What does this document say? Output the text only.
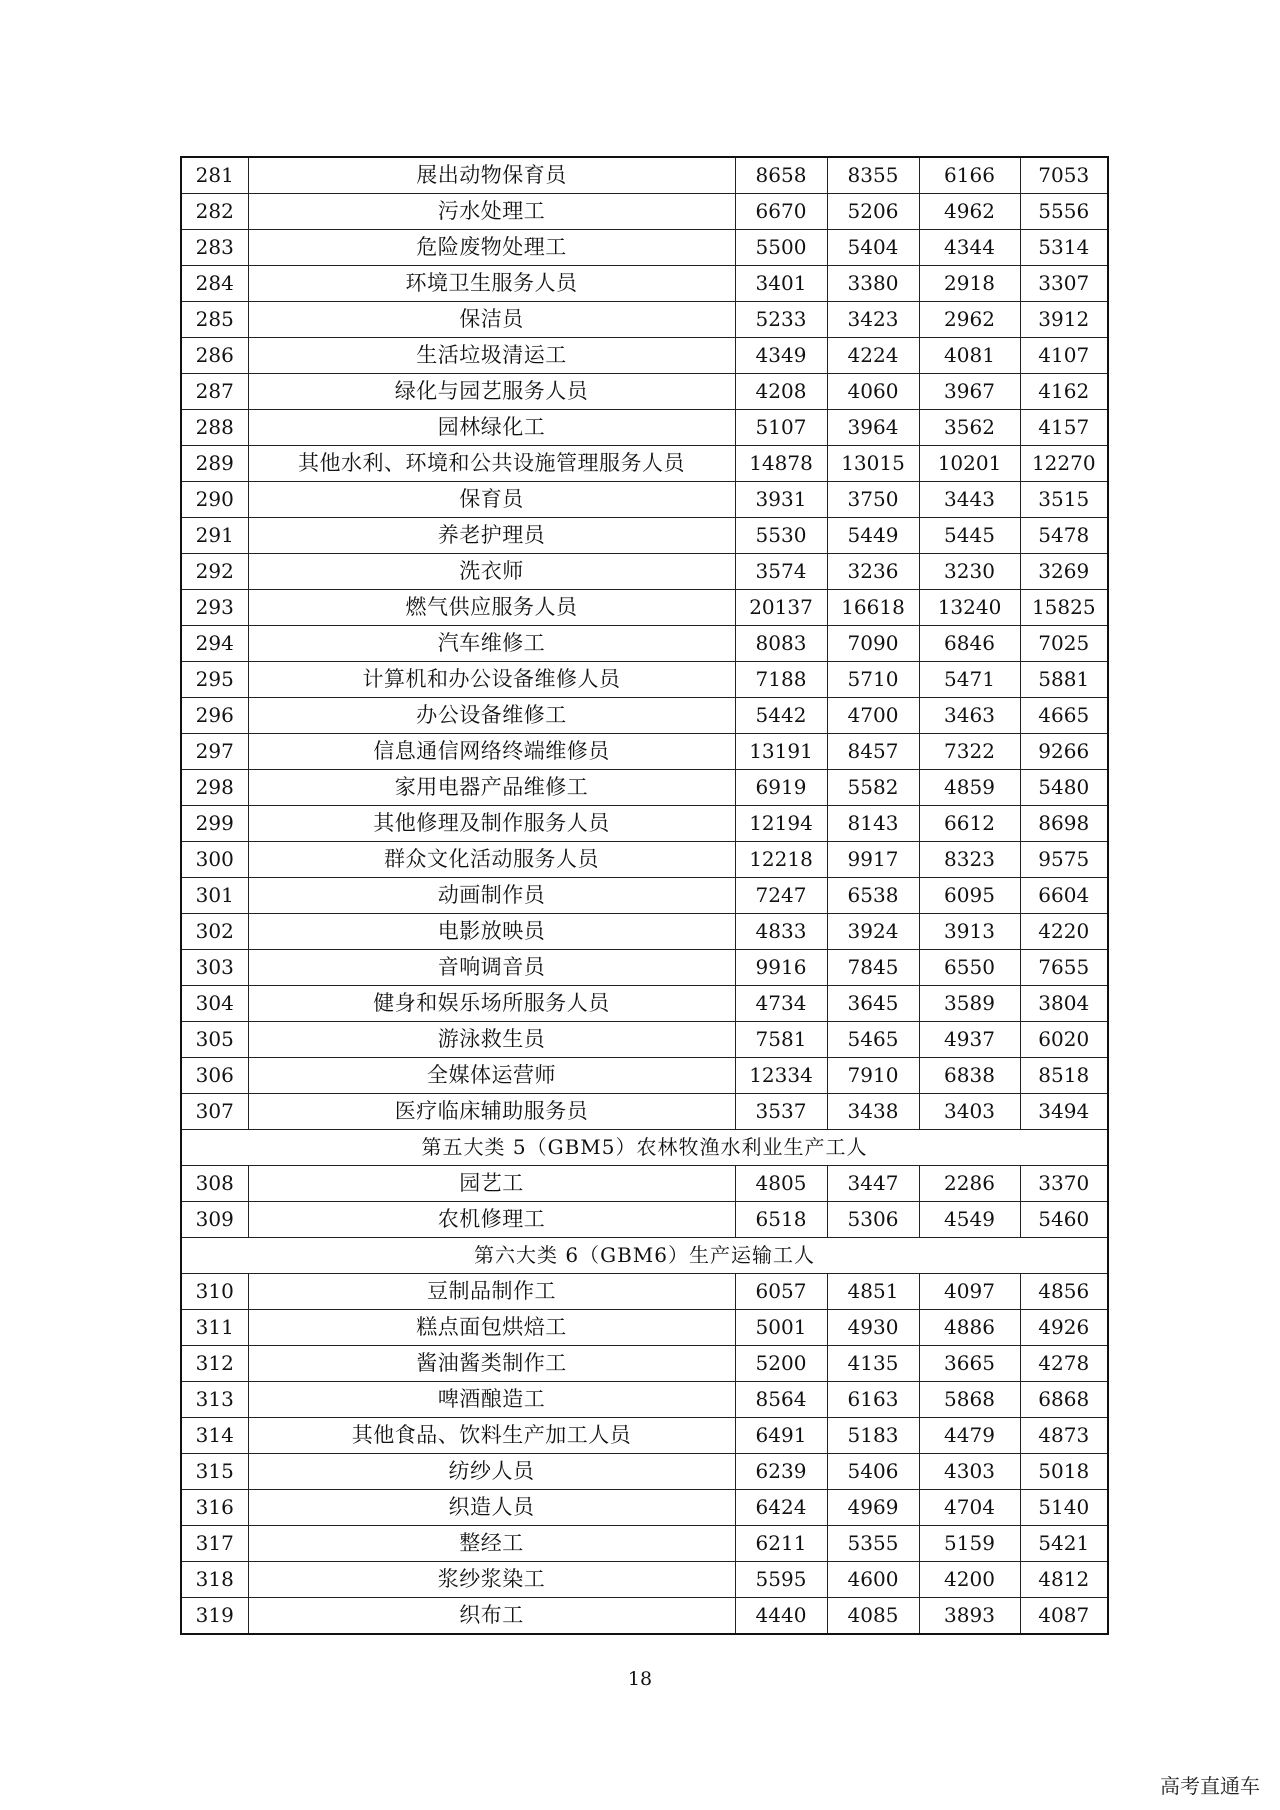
281	展出动物保育员	8658	8355	6166	7053
282	污水处理工	6670	5206	4962	5556
283	危险废物处理工	5500	5404	4344	5314
284	环境卫生服务人员	3401	3380	2918	3307
285	保洁员	5233	3423	2962	3912
286	生活垃圾清运工	4349	4224	4081	4107
287	绿化与园艺服务人员	4208	4060	3967	4162
288	园林绿化工	5107	3964	3562	4157
289	其他水利、环境和公共设施管理服务人员	14878	13015	10201	12270
290	保育员	3931	3750	3443	3515
291	养老护理员	5530	5449	5445	5478
292	洗衣师	3574	3236	3230	3269
293	燃气供应服务人员	20137	16618	13240	15825
294	汽车维修工	8083	7090	6846	7025
295	计算机和办公设备维修人员	7188	5710	5471	5881
296	办公设备维修工	5442	4700	3463	4665
297	信息通信网络终端维修员	13191	8457	7322	9266
298	家用电器产品维修工	6919	5582	4859	5480
299	其他修理及制作服务人员	12194	8143	6612	8698
300	群众文化活动服务人员	12218	9917	8323	9575
301	动画制作员	7247	6538	6095	6604
302	电影放映员	4833	3924	3913	4220
303	音响调音员	9916	7845	6550	7655
304	健身和娱乐场所服务人员	4734	3645	3589	3804
305	游泳救生员	7581	5465	4937	6020
306	全媒体运营师	12334	7910	6838	8518
307	医疗临床辅助服务员	3537	3438	3403	3494
第五大类 5（GBM5）农林牧渔水利业生产工人					
308	园艺工	4805	3447	2286	3370
309	农机修理工	6518	5306	4549	5460
第六大类 6（GBM6）生产运输工人					
310	豆制品制作工	6057	4851	4097	4856
311	糕点面包烘焙工	5001	4930	4886	4926
312	酱油酱类制作工	5200	4135	3665	4278
313	啤酒酿造工	8564	6163	5868	6868
314	其他食品、饮料生产加工人员	6491	5183	4479	4873
315	纺纱人员	6239	5406	4303	5018
316	织造人员	6424	4969	4704	5140
317	整经工	6211	5355	5159	5421
318	浆纱浆染工	5595	4600	4200	4812
319	织布工	4440	4085	3893	4087
18
高考直通车
